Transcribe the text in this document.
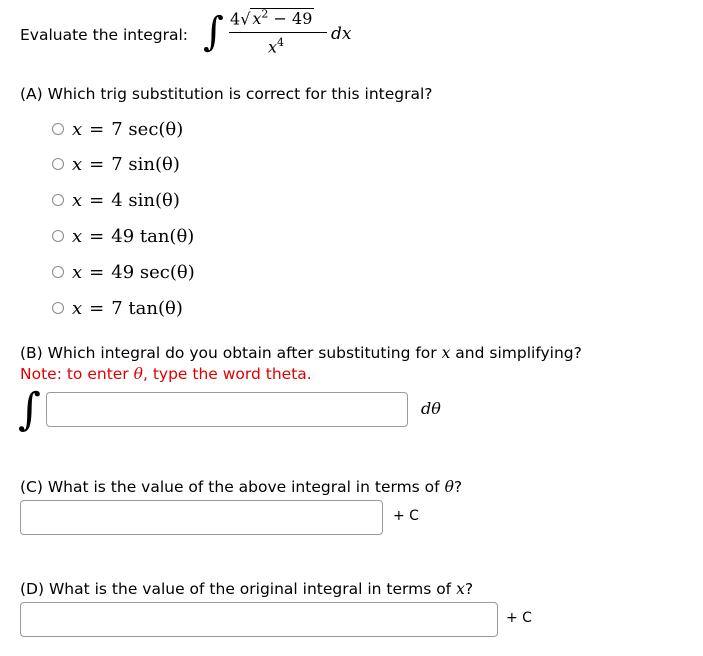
Evaluate the integral: ∫ 4√ $x^2 - 49$
$x^4$	dx
(A) Which trig substitution is correct for this integral?
x = 7 sec(θ)
x = 7 sin(θ)
x = 4 sin(θ)
x = 49 tan(θ)
x = 49 sec(θ)
x = 7 tan(θ)
(B) Which integral do you obtain after substituting for x and simplifying?
Note: to enter θ, type the word theta.
∫	dθ
(C) What is the value of the above integral in terms of θ?
+ C
(D) What is the value of the original integral in terms of x?
+ C
